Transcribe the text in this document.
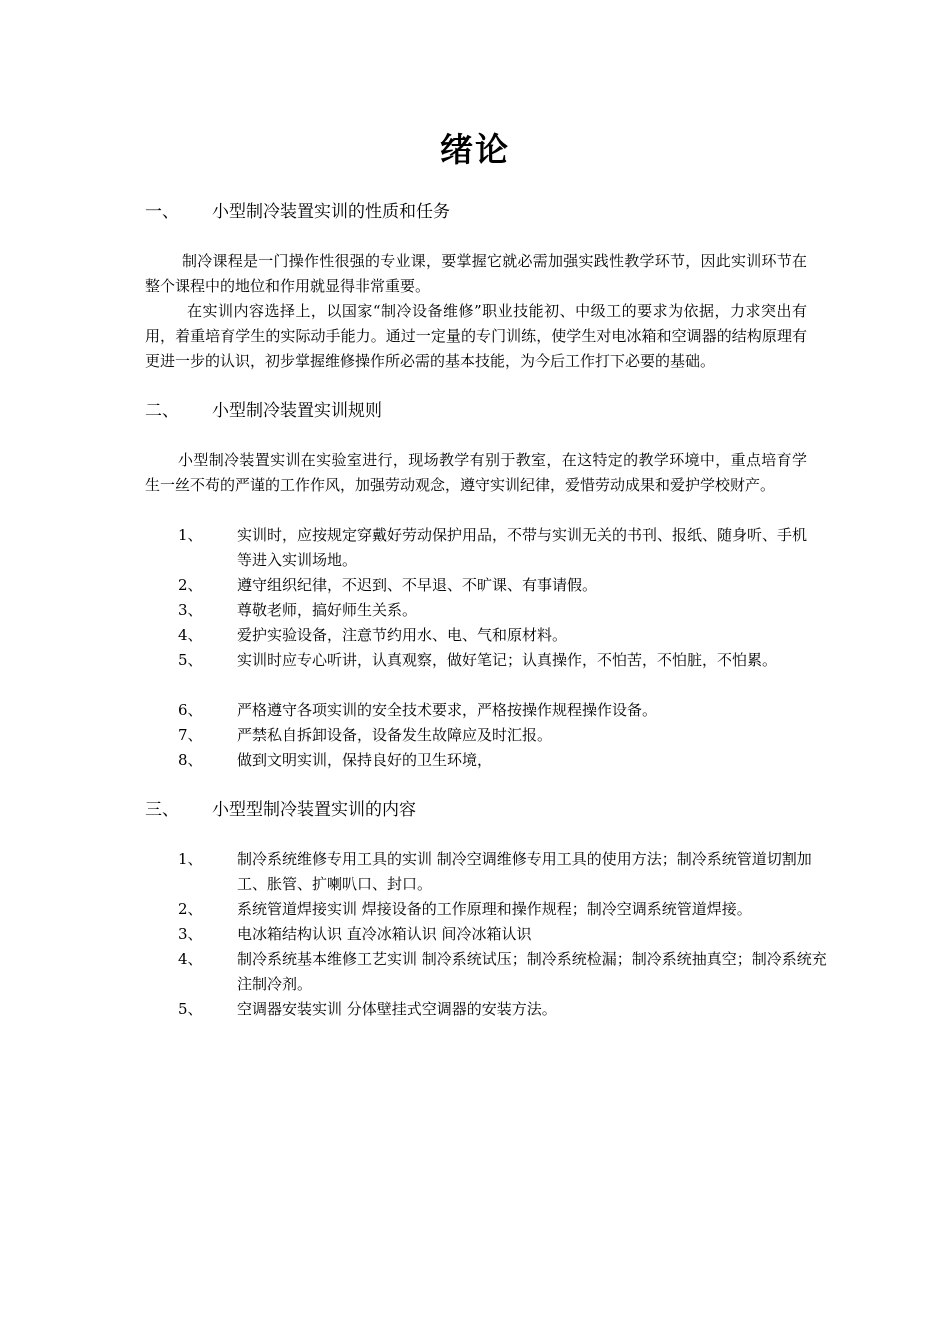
绪论
一、 小型制冷装置实训的性质和任务
制冷课程是一门操作性很强的专业课，要掌握它就必需加强实践性教学环节，因此实训环节在整个课程中的地位和作用就显得非常重要。
在实训内容选择上，以国家“制冷设备维修”职业技能初、中级工的要求为依据，力求突出有用，着重培育学生的实际动手能力。通过一定量的专门训练，使学生对电冰箱和空调器的结构原理有更进一步的认识，初步掌握维修操作所必需的基本技能，为今后工作打下必要的基础。
二、 小型制冷装置实训规则
小型制冷装置实训在实验室进行，现场教学有别于教室，在这特定的教学环境中，重点培育学生一丝不苟的严谨的工作作风，加强劳动观念，遵守实训纪律，爱惜劳动成果和爱护学校财产。
1、 实训时，应按规定穿戴好劳动保护用品，不带与实训无关的书刊、报纸、随身听、手机等进入实训场地。
2、 遵守组织纪律，不迟到、不早退、不旷课、有事请假。
3、 尊敬老师，搞好师生关系。
4、 爱护实验设备，注意节约用水、电、气和原材料。
5、 实训时应专心听讲，认真观察，做好笔记；认真操作，不怕苦，不怕脏，不怕累。
6、 严格遵守各项实训的安全技术要求，严格按操作规程操作设备。
7、 严禁私自拆卸设备，设备发生故障应及时汇报。
8、 做到文明实训，保持良好的卫生环境，
三、 小型型制冷装置实训的内容
1、 制冷系统维修专用工具的实训 制冷空调维修专用工具的使用方法；制冷系统管道切割加工、胀管、扩喇叭口、封口。
2、 系统管道焊接实训 焊接设备的工作原理和操作规程；制冷空调系统管道焊接。
3、 电冰箱结构认识 直冷冰箱认识 间冷冰箱认识
4、 制冷系统基本维修工艺实训 制冷系统试压；制冷系统检漏；制冷系统抽真空；制冷系统充注制冷剂。
5、 空调器安装实训 分体壁挂式空调器的安装方法。
